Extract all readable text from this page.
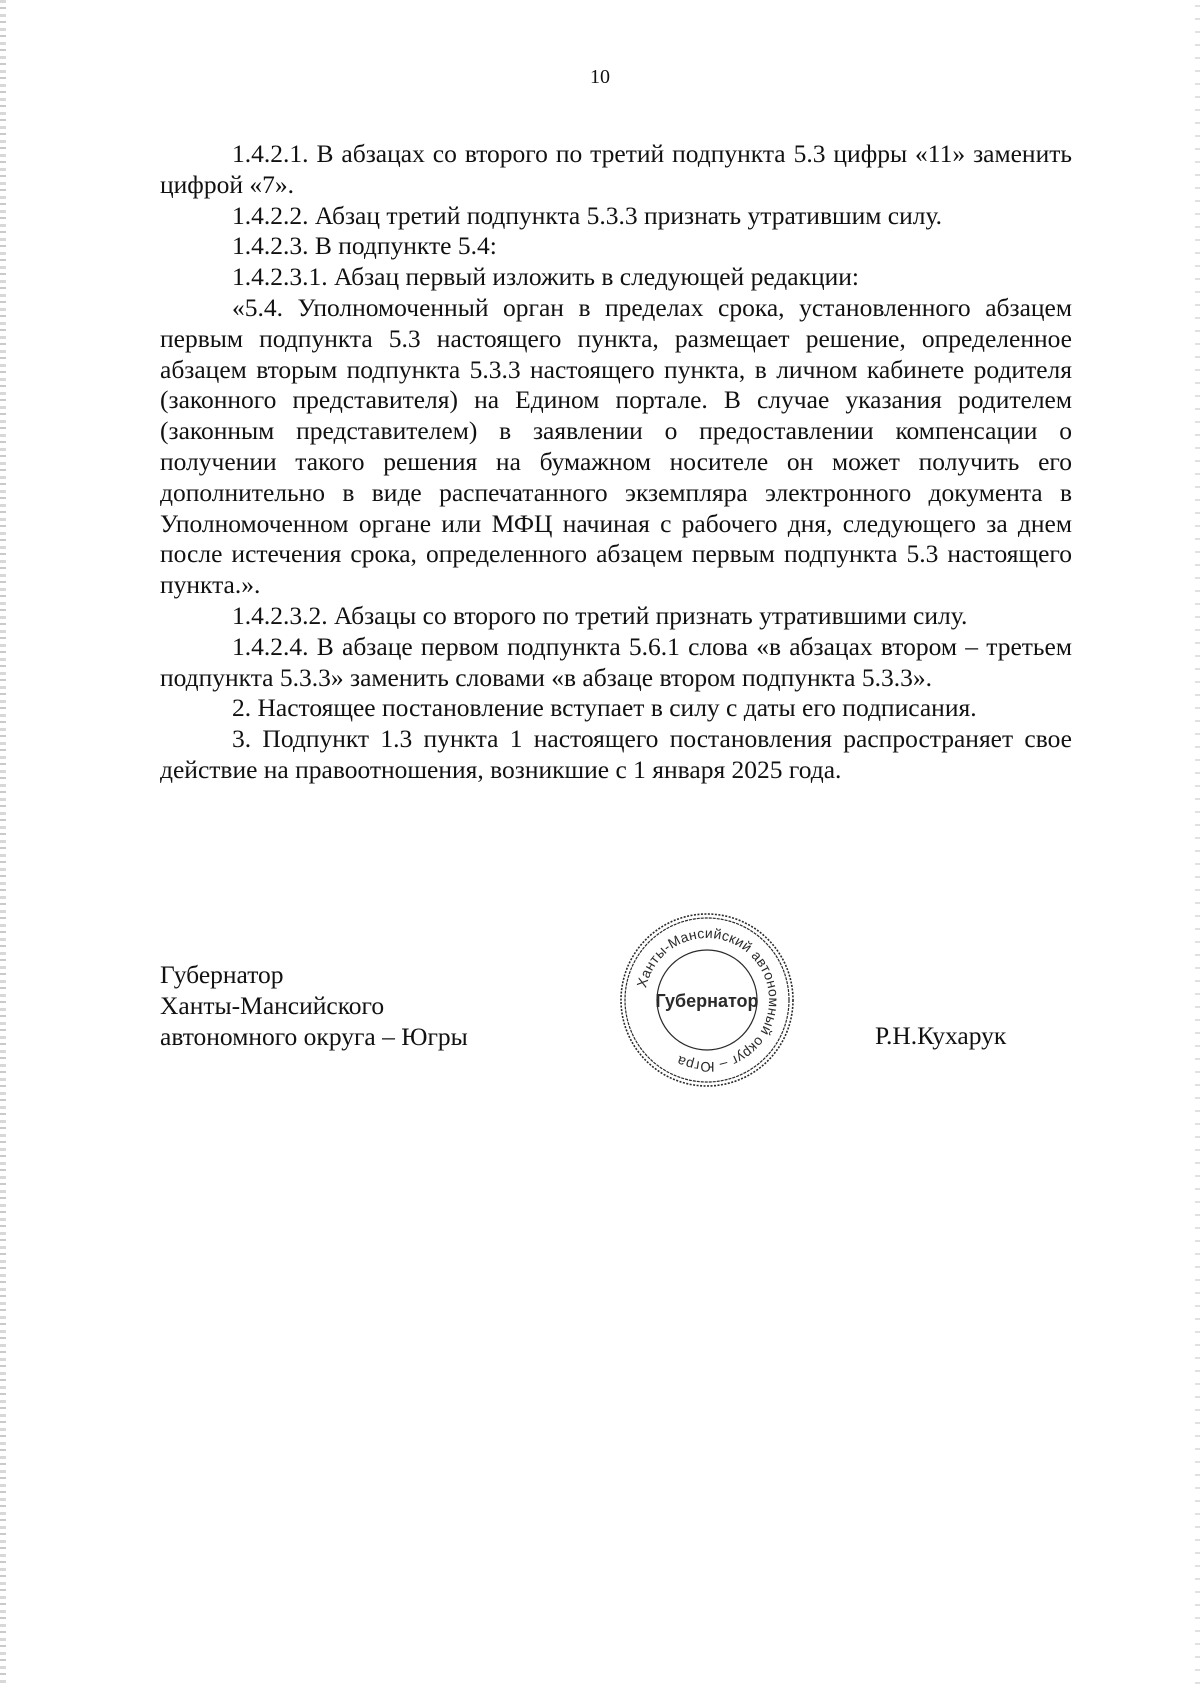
10

1.4.2.1. В абзацах со второго по третий подпункта 5.3 цифры «11» заменить цифрой «7».

1.4.2.2. Абзац третий подпункта 5.3.3 признать утратившим силу.

1.4.2.3. В подпункте 5.4:

1.4.2.3.1. Абзац первый изложить в следующей редакции:

«5.4. Уполномоченный орган в пределах срока, установленного абзацем первым подпункта 5.3 настоящего пункта, размещает решение, определенное абзацем вторым подпункта 5.3.3 настоящего пункта, в личном кабинете родителя (законного представителя) на Едином портале. В случае указания родителем (законным представителем) в заявлении о предоставлении компенсации о получении такого решения на бумажном носителе он может получить его дополнительно в виде распечатанного экземпляра электронного документа в Уполномоченном органе или МФЦ начиная с рабочего дня, следующего за днем после истечения срока, определенного абзацем первым подпункта 5.3 настоящего пункта.».

1.4.2.3.2. Абзацы со второго по третий признать утратившими силу.

1.4.2.4. В абзаце первом подпункта 5.6.1 слова «в абзацах втором – третьем подпункта 5.3.3» заменить словами «в абзаце втором подпункта 5.3.3».

2. Настоящее постановление вступает в силу с даты его подписания.

3. Подпункт 1.3 пункта 1 настоящего постановления распространяет свое действие на правоотношения, возникшие с 1 января 2025 года.

Губернатор
Ханты-Мансийского
автономного округа – Югры
Ханты-Мансийский автономный округ – Югра
Губернатор
Р.Н.Кухарук
